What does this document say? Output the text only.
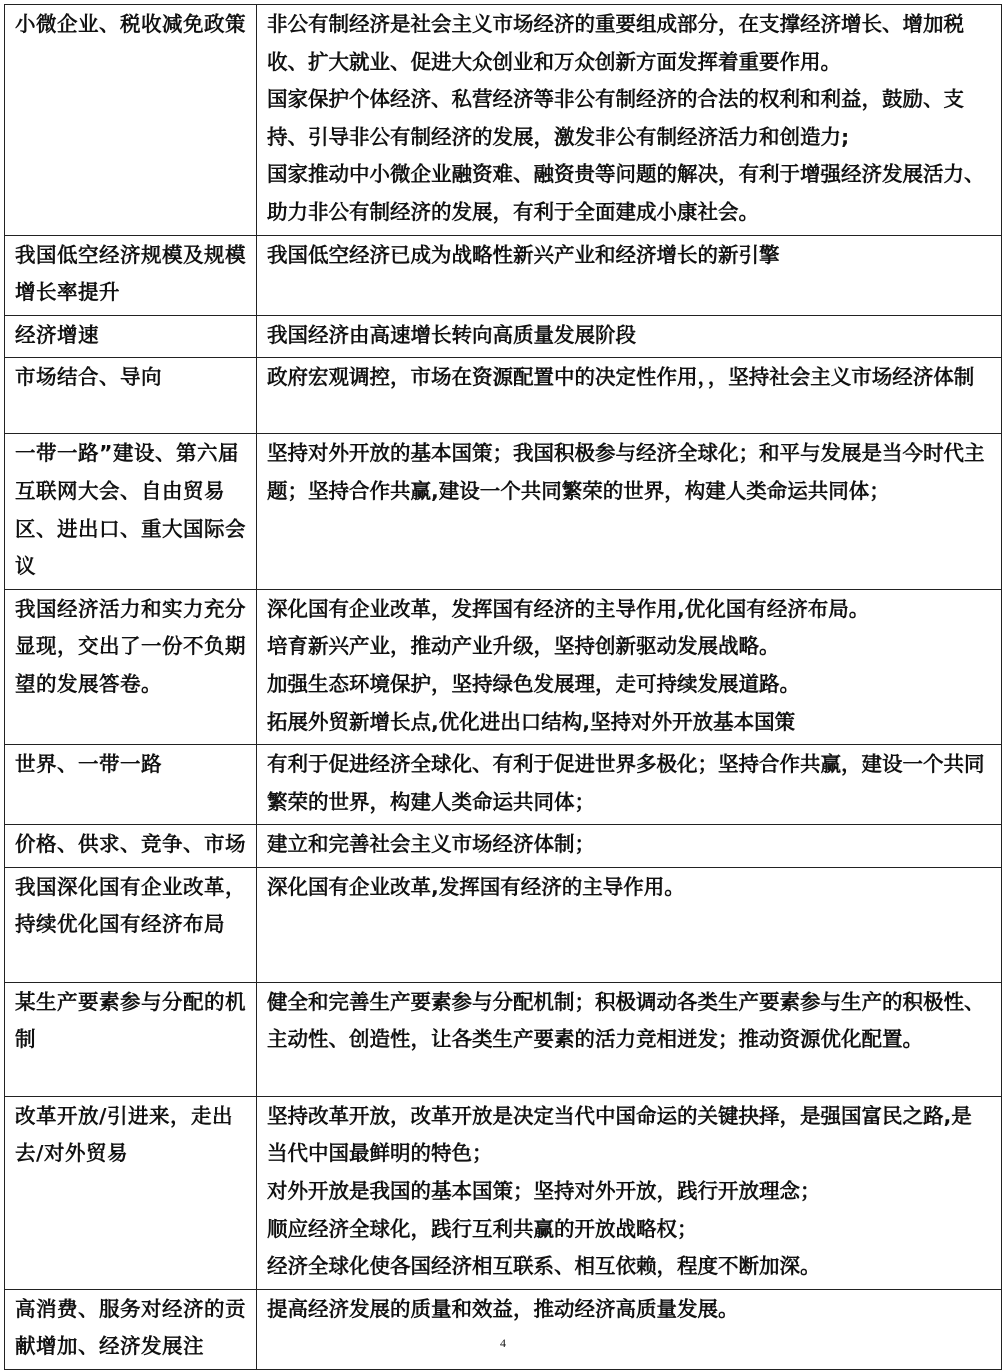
小微企业、税收减免政策	非公有制经济是社会主义市场经济的重要组成部分，在支撑经济增长、增加税收、扩大就业、促进大众创业和万众创新方面发挥着重要作用。
国家保护个体经济、私营经济等非公有制经济的合法的权利和利益，鼓励、支持、引导非公有制经济的发展，激发非公有制经济活力和创造力;
国家推动中小微企业融资难、融资贵等问题的解决，有利于增强经济发展活力、助力非公有制经济的发展，有利于全面建成小康社会。

我国低空经济规模及规模增长率提升	我国低空经济已成为战略性新兴产业和经济增长的新引擎

经济增速	我国经济由高速增长转向高质量发展阶段

市场结合、导向	政府宏观调控，市场在资源配置中的决定性作用，，坚持社会主义市场经济体制

一带一路”建设、第六届互联网大会、自由贸易区、进出口、重大国际会议	坚持对外开放的基本国策；我国积极参与经济全球化；和平与发展是当今时代主题；坚持合作共赢,建设一个共同繁荣的世界，构建人类命运共同体；

我国经济活力和实力充分显现，交出了一份不负期望的发展答卷。	深化国有企业改革，发挥国有经济的主导作用,优化国有经济布局。
培育新兴产业，推动产业升级，坚持创新驱动发展战略。
加强生态环境保护，坚持绿色发展理，走可持续发展道路。
拓展外贸新增长点,优化进出口结构,坚持对外开放基本国策

世界、一带一路	有利于促进经济全球化、有利于促进世界多极化；坚持合作共赢，建设一个共同繁荣的世界，构建人类命运共同体；

价格、供求、竞争、市场	建立和完善社会主义市场经济体制；

我国深化国有企业改革，持续优化国有经济布局	深化国有企业改革,发挥国有经济的主导作用。

某生产要素参与分配的机制	健全和完善生产要素参与分配机制；积极调动各类生产要素参与生产的积极性、主动性、创造性，让各类生产要素的活力竞相迸发；推动资源优化配置。

改革开放/引进来，走出去/对外贸易	坚持改革开放，改革开放是决定当代中国命运的关键抉择，是强国富民之路,是当代中国最鲜明的特色；
对外开放是我国的基本国策；坚持对外开放，践行开放理念；
顺应经济全球化，践行互利共赢的开放战略权；
经济全球化使各国经济相互联系、相互依赖，程度不断加深。

高消费、服务对经济的贡献增加、经济发展注	提高经济发展的质量和效益，推动经济高质量发展。
4
